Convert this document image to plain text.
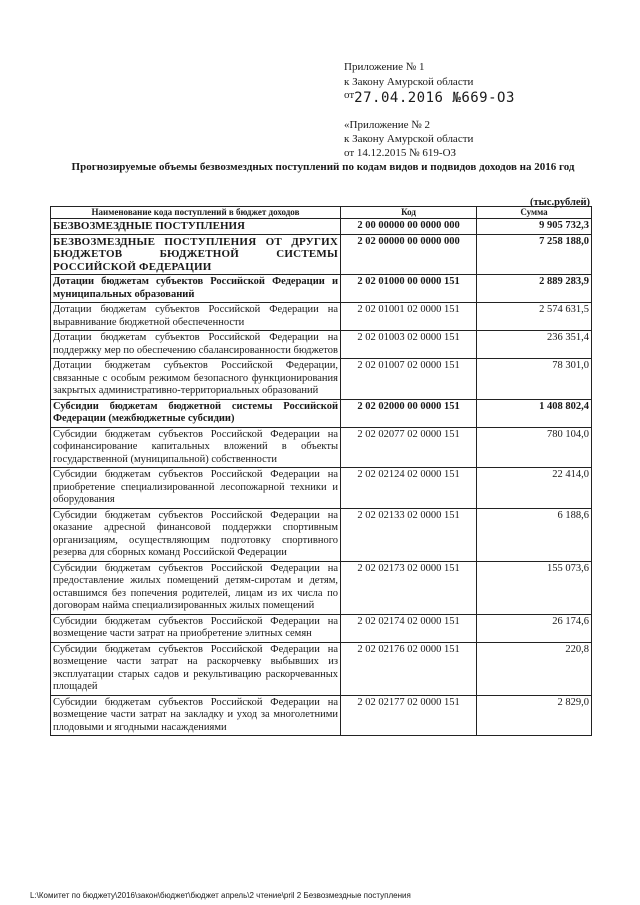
Приложение № 1
к Закону Амурской области
$^{от}$27.04.2016 №669-ОЗ
«Приложение № 2
к Закону Амурской области
от 14.12.2015 № 619-ОЗ
Прогнозируемые объемы безвозмездных поступлений по кодам видов и подвидов доходов на 2016 год
(тыс.рублей)
Наименование кода поступлений в бюджет доходов	Код	Сумма
БЕЗВОЗМЕЗДНЫЕ ПОСТУПЛЕНИЯ	2 00 00000 00 0000 000	9 905 732,3
БЕЗВОЗМЕЗДНЫЕ ПОСТУПЛЕНИЯ ОТ ДРУГИХ БЮДЖЕТОВ БЮДЖЕТНОЙ СИСТЕМЫ РОССИЙСКОЙ ФЕДЕРАЦИИ	2 02 00000 00 0000 000	7 258 188,0
Дотации бюджетам субъектов Российской Федерации и муниципальных образований	2 02 01000 00 0000 151	2 889 283,9
Дотации бюджетам субъектов Российской Федерации на выравнивание бюджетной обеспеченности	2 02 01001 02 0000 151	2 574 631,5
Дотации бюджетам субъектов Российской Федерации на поддержку мер по обеспечению сбалансированности бюджетов	2 02 01003 02 0000 151	236 351,4
Дотации бюджетам субъектов Российской Федерации, связанные с особым режимом безопасного функционирования закрытых административно-территориальных образований	2 02 01007 02 0000 151	78 301,0
Субсидии бюджетам бюджетной системы Российской Федерации (межбюджетные субсидии)	2 02 02000 00 0000 151	1 408 802,4
Субсидии бюджетам субъектов Российской Федерации на софинансирование капитальных вложений в объекты государственной (муниципальной) собственности	2 02 02077 02 0000 151	780 104,0
Субсидии бюджетам субъектов Российской Федерации на приобретение специализированной лесопожарной техники и оборудования	2 02 02124 02 0000 151	22 414,0
Субсидии бюджетам субъектов Российской Федерации на оказание адресной финансовой поддержки спортивным организациям, осуществляющим подготовку спортивного резерва для сборных команд Российской Федерации	2 02 02133 02 0000 151	6 188,6
Субсидии бюджетам субъектов Российской Федерации на предоставление жилых помещений детям-сиротам и детям, оставшимся без попечения родителей, лицам из их числа по договорам найма специализированных жилых помещений	2 02 02173 02 0000 151	155 073,6
Субсидии бюджетам субъектов Российской Федерации на возмещение части затрат на приобретение элитных семян	2 02 02174 02 0000 151	26 174,6
Субсидии бюджетам субъектов Российской Федерации на возмещение части затрат на раскорчевку выбывших из эксплуатации старых садов и рекультивацию раскорчеванных площадей	2 02 02176 02 0000 151	220,8
Субсидии бюджетам субъектов Российской Федерации на возмещение части затрат на закладку и уход за многолетними плодовыми и ягодными насаждениями	2 02 02177 02 0000 151	2 829,0
L:\Комитет по бюджету\2016\закон\бюджет\бюджет апрель\2 чтение\pril 2 Безвозмездные поступления
